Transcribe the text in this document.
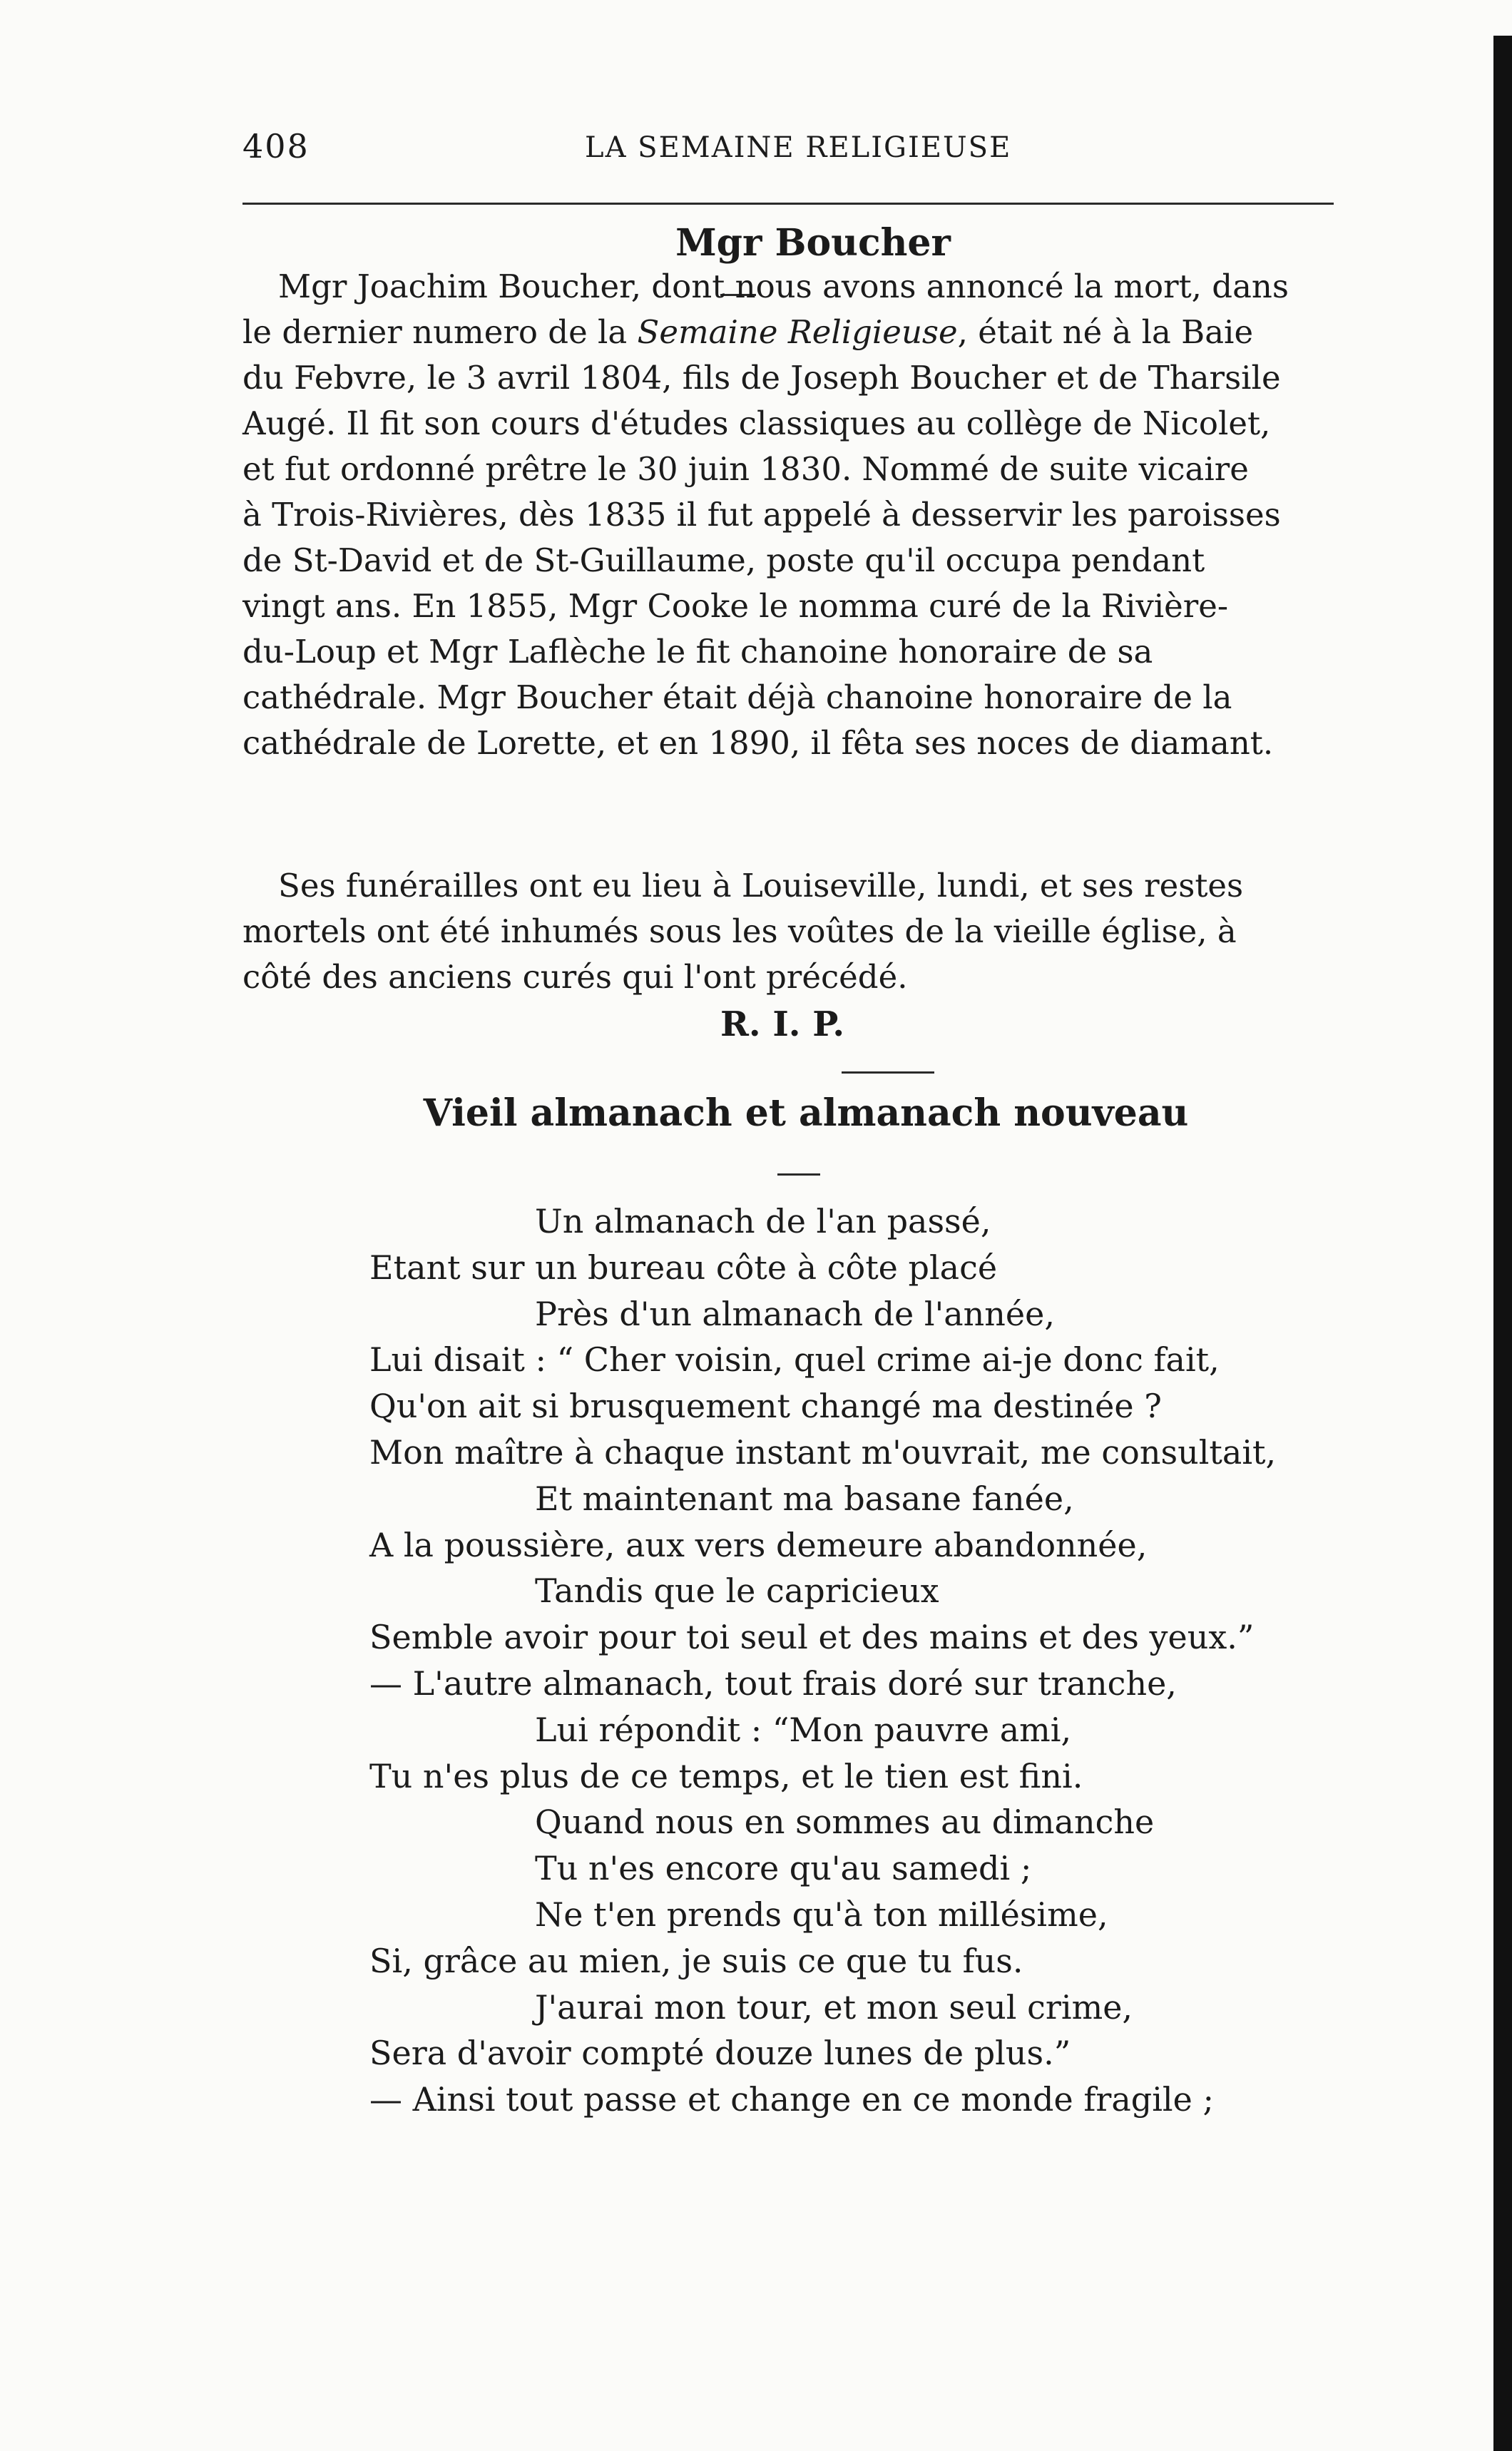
408	LA SEMAINE RELIGIEUSE
Mgr Boucher
Mgr Joachim Boucher, dont nous avons annoncé la mort, dans
le dernier numero de la Semaine Religieuse, était né à la Baie
du Febvre, le 3 avril 1804, fils de Joseph Boucher et de Tharsile
Augé. Il fit son cours d'études classiques au collège de Nicolet,
et fut ordonné prêtre le 30 juin 1830. Nommé de suite vicaire
à Trois-Rivières, dès 1835 il fut appelé à desservir les paroisses
de St-David et de St-Guillaume, poste qu'il occupa pendant
vingt ans. En 1855, Mgr Cooke le nomma curé de la Rivière-
du-Loup et Mgr Laflèche le fit chanoine honoraire de sa
cathédrale. Mgr Boucher était déjà chanoine honoraire de la
cathédrale de Lorette, et en 1890, il fêta ses noces de diamant.
Ses funérailles ont eu lieu à Louiseville, lundi, et ses restes
mortels ont été inhumés sous les voûtes de la vieille église, à
côté des anciens curés qui l'ont précédé.
R. I. P.
Vieil almanach et almanach nouveau
Un almanach de l'an passé,
Etant sur un bureau côte à côte placé
Près d'un almanach de l'année,
Lui disait : “ Cher voisin, quel crime ai-je donc fait,
Qu'on ait si brusquement changé ma destinée ?
Mon maître à chaque instant m'ouvrait, me consultait,
Et maintenant ma basane fanée,
A la poussière, aux vers demeure abandonnée,
Tandis que le capricieux
Semble avoir pour toi seul et des mains et des yeux.”
— L'autre almanach, tout frais doré sur tranche,
Lui répondit : “Mon pauvre ami,
Tu n'es plus de ce temps, et le tien est fini.
Quand nous en sommes au dimanche
Tu n'es encore qu'au samedi ;
Ne t'en prends qu'à ton millésime,
Si, grâce au mien, je suis ce que tu fus.
J'aurai mon tour, et mon seul crime,
Sera d'avoir compté douze lunes de plus.”
— Ainsi tout passe et change en ce monde fragile ;
